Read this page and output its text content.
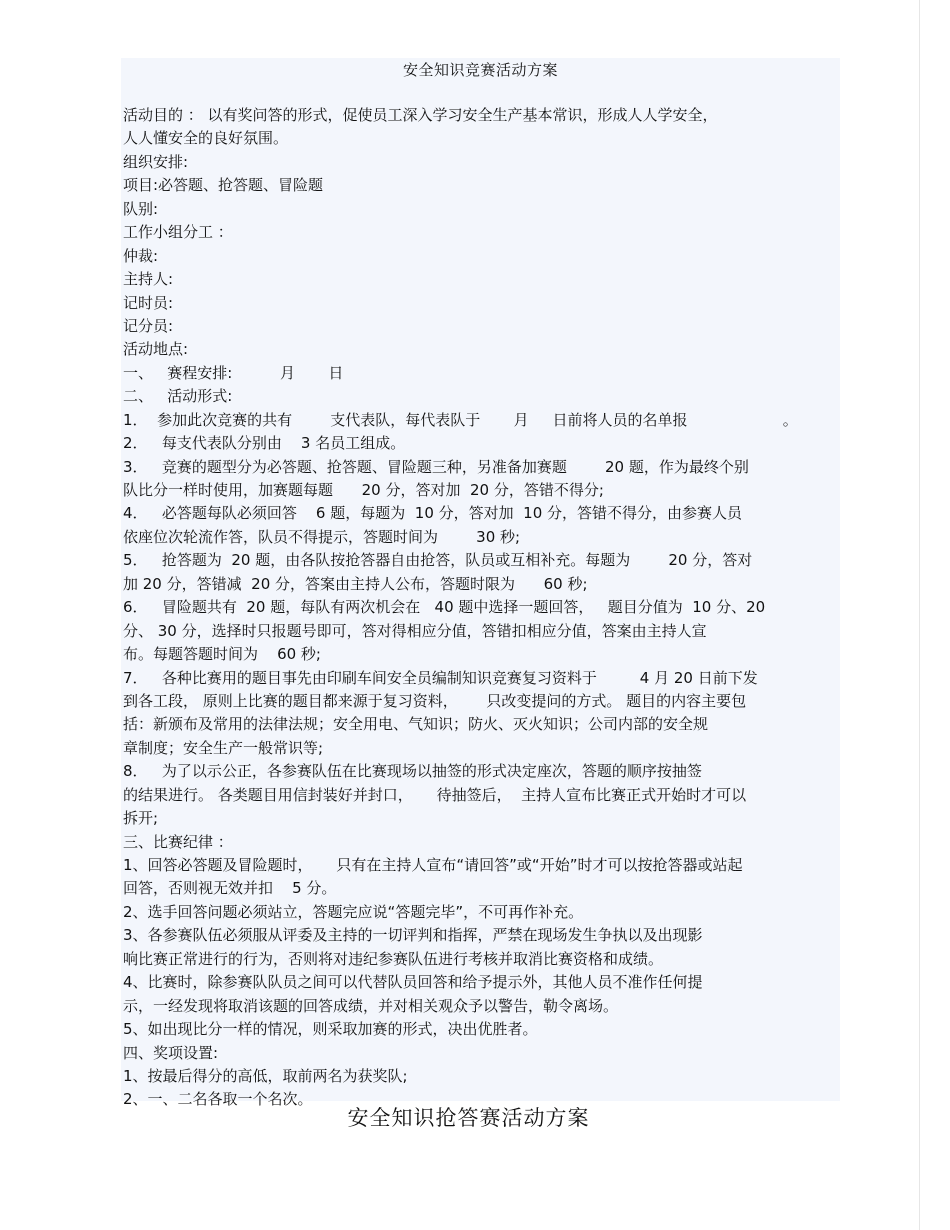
安全知识竞赛活动方案
活动目的 ： 以有奖问答的形式，促使员工深入学习安全生产基本常识，形成人人学安全，
人人懂安全的良好氛围。
组织安排:
项目:必答题、抢答题、冒险题
队别:
工作小组分工 ：
仲裁:
主持人:
记时员:
记分员:
活动地点:
一、   赛程安排:          月       日
二、   活动形式:
1．  参加此次竞赛的共有        支代表队，每代表队于       月     日前将人员的名单报                    。
2．   每支代表队分别由    3 名员工组成。
3．   竞赛的题型分为必答题、抢答题、冒险题三种，另准备加赛题        20 题，作为最终个别
队比分一样时使用，加赛题每题      20 分，答对加  20 分，答错不得分;
4．   必答题每队必须回答    6 题，每题为  10 分，答对加  10 分，答错不得分，由参赛人员
依座位次轮流作答，队员不得提示，答题时间为        30 秒;
5．   抢答题为  20 题，由各队按抢答器自由抢答，队员或互相补充。每题为        20 分，答对
加 20 分，答错减  20 分，答案由主持人公布，答题时限为      60 秒;
6．   冒险题共有  20 题，每队有两次机会在   40 题中选择一题回答，   题目分值为  10 分、20
分、 30 分，选择时只报题号即可，答对得相应分值，答错扣相应分值，答案由主持人宣
布。每题答题时间为    60 秒;
7．   各种比赛用的题目事先由印刷车间安全员编制知识竞赛复习资料于         4 月 20 日前下发
到各工段， 原则上比赛的题目都来源于复习资料，      只改变提问的方式。 题目的内容主要包
括：新颁布及常用的法律法规；安全用电、气知识；防火、灭火知识；公司内部的安全规
章制度；安全生产一般常识等;
8．   为了以示公正，各参赛队伍在比赛现场以抽签的形式决定座次，答题的顺序按抽签
的结果进行。 各类题目用信封装好并封口，     待抽签后，  主持人宣布比赛正式开始时才可以
拆开;
三、比赛纪律 ：
1、回答必答题及冒险题时，     只有在主持人宣布“请回答”或“开始”时才可以按抢答器或站起
回答，否则视无效并扣    5 分。
2、选手回答问题必须站立，答题完应说“答题完毕”，不可再作补充。
3、各参赛队伍必须服从评委及主持的一切评判和指挥，严禁在现场发生争执以及出现影
响比赛正常进行的行为，否则将对违纪参赛队伍进行考核并取消比赛资格和成绩。
4、比赛时，除参赛队队员之间可以代替队员回答和给予提示外，其他人员不准作任何提
示，一经发现将取消该题的回答成绩，并对相关观众予以警告，勒令离场。
5、如出现比分一样的情况，则采取加赛的形式，决出优胜者。
四、奖项设置:
1、按最后得分的高低，取前两名为获奖队;
2、一、二名各取一个名次。
安全知识抢答赛活动方案
